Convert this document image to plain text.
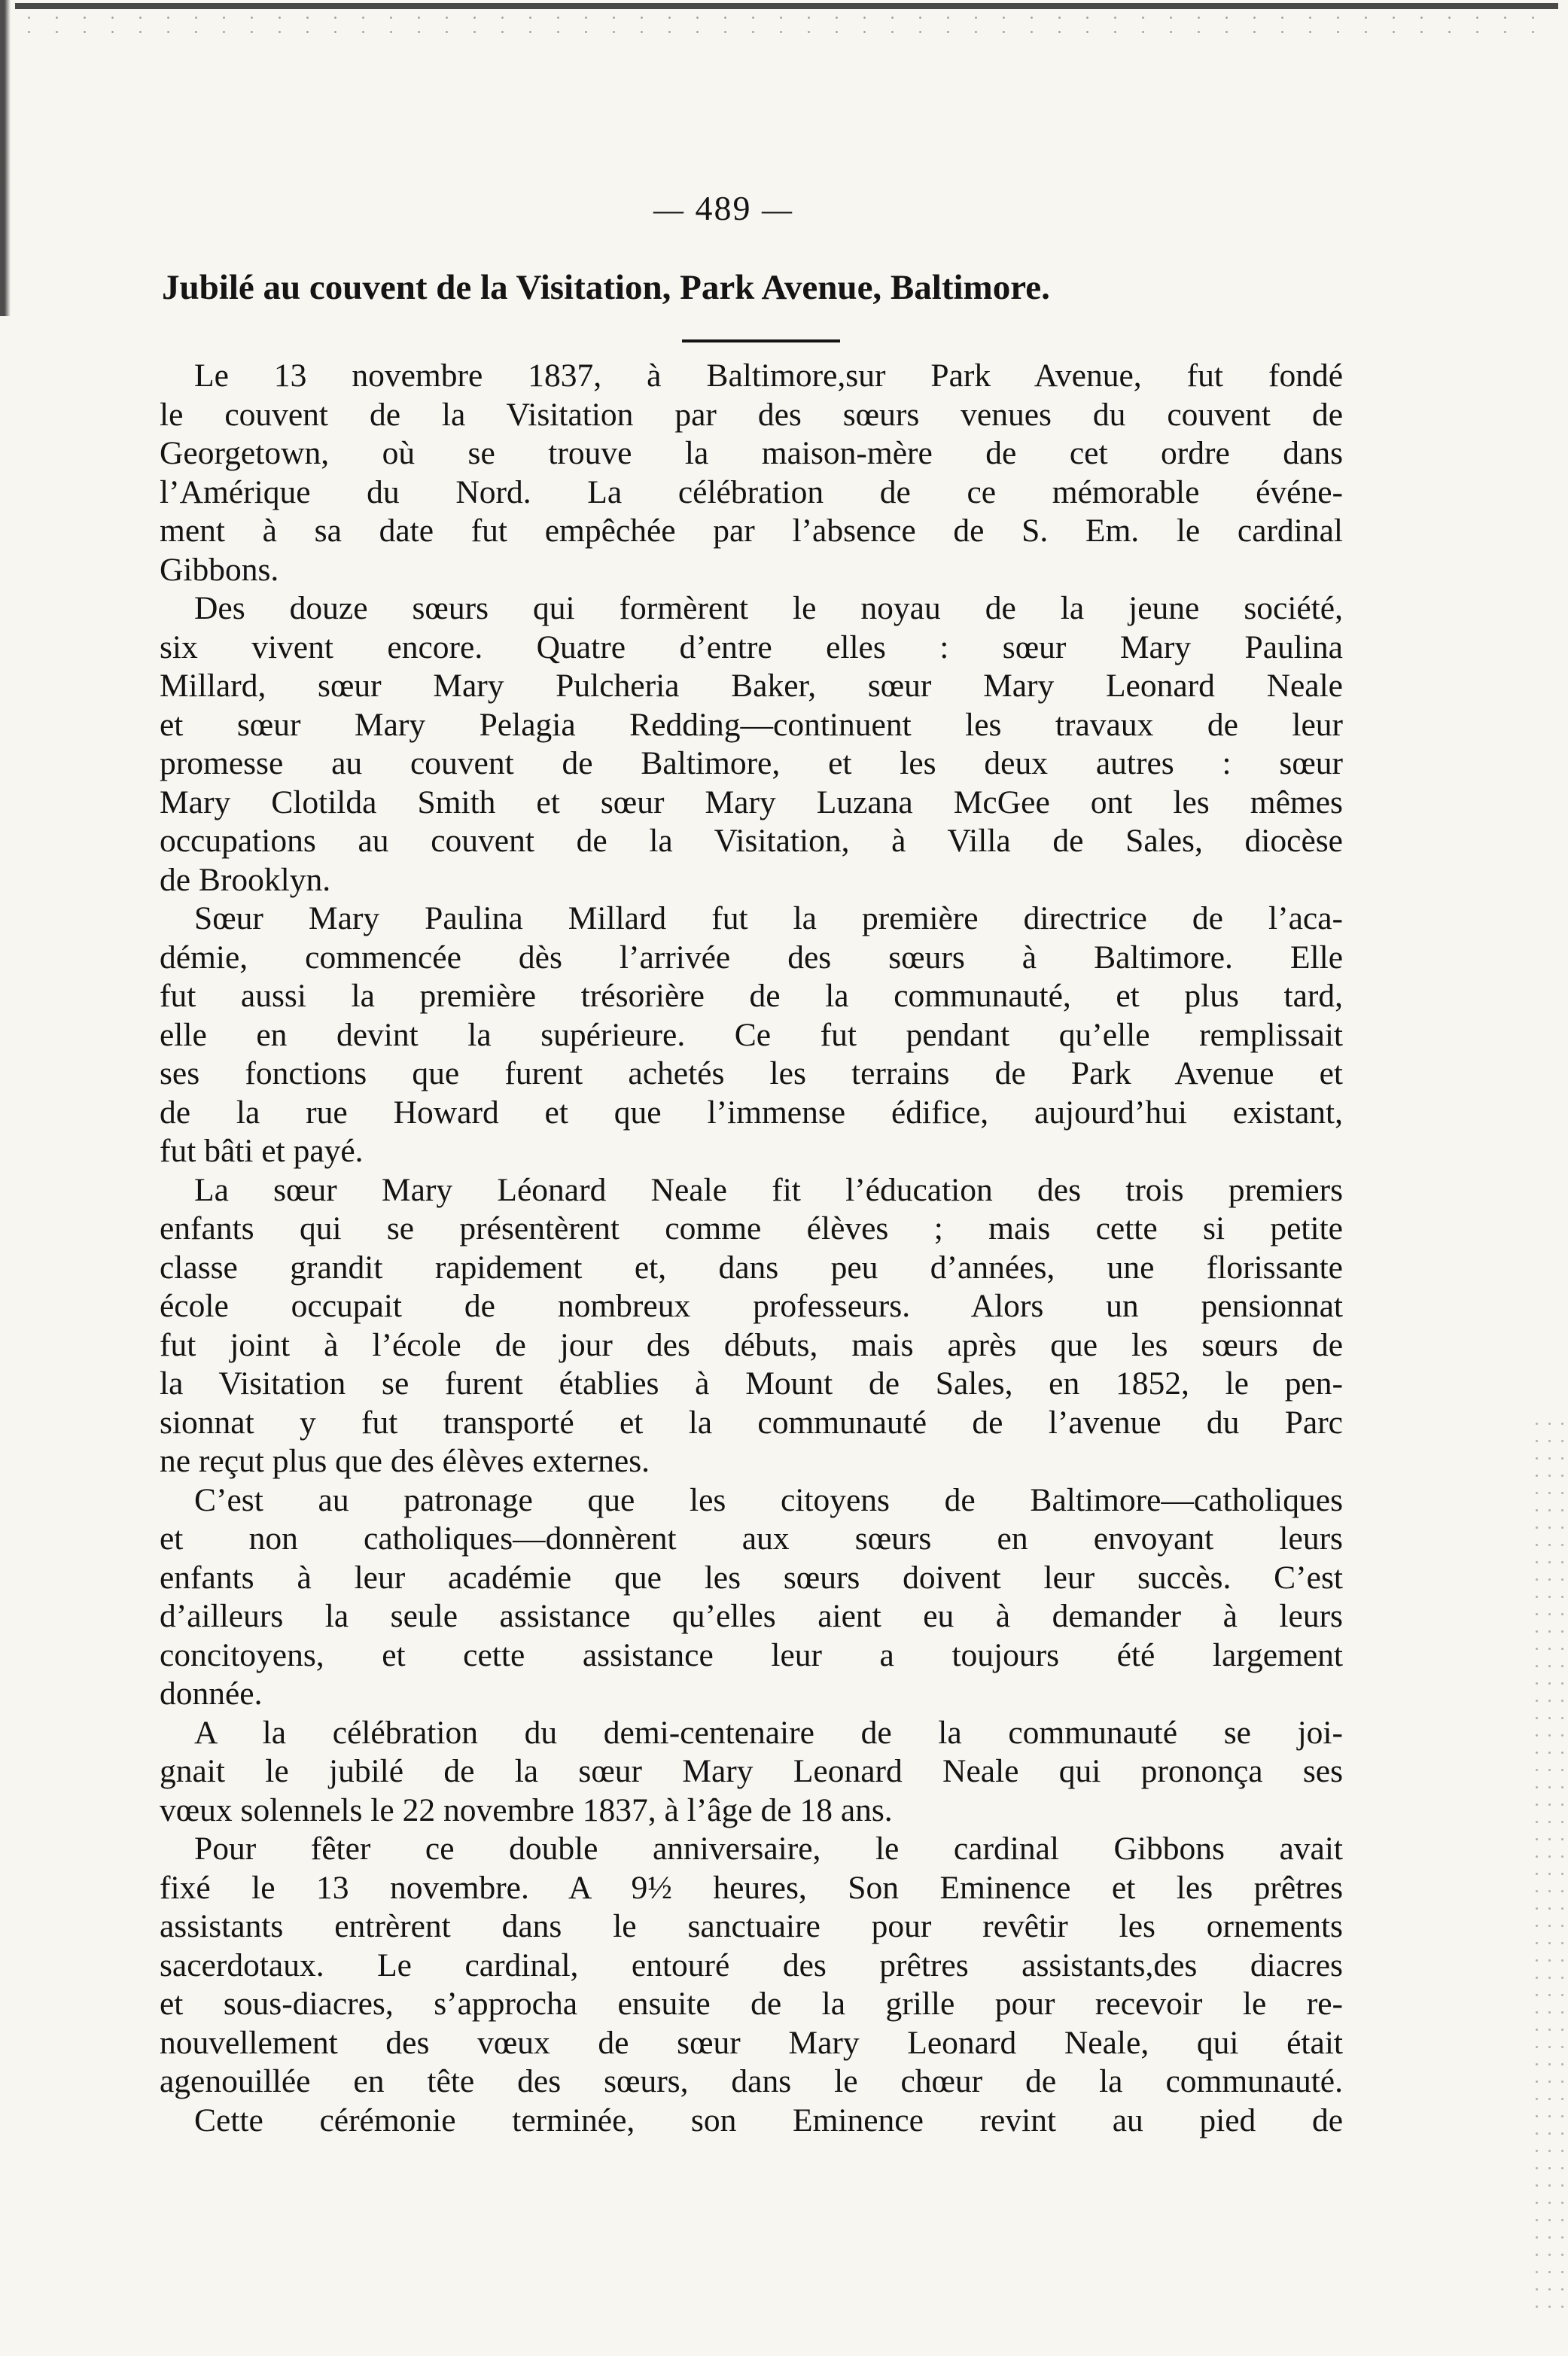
— 489 —
Jubilé au couvent de la Visitation, Park Avenue, Baltimore.
Le 13 novembre 1837, à Baltimore,sur Park Avenue, fut fondé
le couvent de la Visitation par des sœurs venues du couvent de
Georgetown, où se trouve la maison-mère de cet ordre dans
l’Amérique du Nord. La célébration de ce mémorable événe-
ment à sa date fut empêchée par l’absence de S. Em. le cardinal
Gibbons.
Des douze sœurs qui formèrent le noyau de la jeune société,
six vivent encore. Quatre d’entre elles : sœur Mary Paulina
Millard, sœur Mary Pulcheria Baker, sœur Mary Leonard Neale
et sœur Mary Pelagia Redding—continuent les travaux de leur
promesse au couvent de Baltimore, et les deux autres : sœur
Mary Clotilda Smith et sœur Mary Luzana McGee ont les mêmes
occupations au couvent de la Visitation, à Villa de Sales, diocèse
de Brooklyn.
Sœur Mary Paulina Millard fut la première directrice de l’aca-
démie, commencée dès l’arrivée des sœurs à Baltimore. Elle
fut aussi la première trésorière de la communauté, et plus tard,
elle en devint la supérieure. Ce fut pendant qu’elle remplissait
ses fonctions que furent achetés les terrains de Park Avenue et
de la rue Howard et que l’immense édifice, aujourd’hui existant,
fut bâti et payé.
La sœur Mary Léonard Neale fit l’éducation des trois premiers
enfants qui se présentèrent comme élèves ; mais cette si petite
classe grandit rapidement et, dans peu d’années, une florissante
école occupait de nombreux professeurs. Alors un pensionnat
fut joint à l’école de jour des débuts, mais après que les sœurs de
la Visitation se furent établies à Mount de Sales, en 1852, le pen-
sionnat y fut transporté et la communauté de l’avenue du Parc
ne reçut plus que des élèves externes.
C’est au patronage que les citoyens de Baltimore—catholiques
et non catholiques—donnèrent aux sœurs en envoyant leurs
enfants à leur académie que les sœurs doivent leur succès. C’est
d’ailleurs la seule assistance qu’elles aient eu à demander à leurs
concitoyens, et cette assistance leur a toujours été largement
donnée.
A la célébration du demi-centenaire de la communauté se joi-
gnait le jubilé de la sœur Mary Leonard Neale qui prononça ses
vœux solennels le 22 novembre 1837, à l’âge de 18 ans.
Pour fêter ce double anniversaire, le cardinal Gibbons avait
fixé le 13 novembre. A 9½ heures, Son Eminence et les prêtres
assistants entrèrent dans le sanctuaire pour revêtir les ornements
sacerdotaux. Le cardinal, entouré des prêtres assistants,des diacres
et sous-diacres, s’approcha ensuite de la grille pour recevoir le re-
nouvellement des vœux de sœur Mary Leonard Neale, qui était
agenouillée en tête des sœurs, dans le chœur de la communauté.
Cette cérémonie terminée, son Eminence revint au pied de
